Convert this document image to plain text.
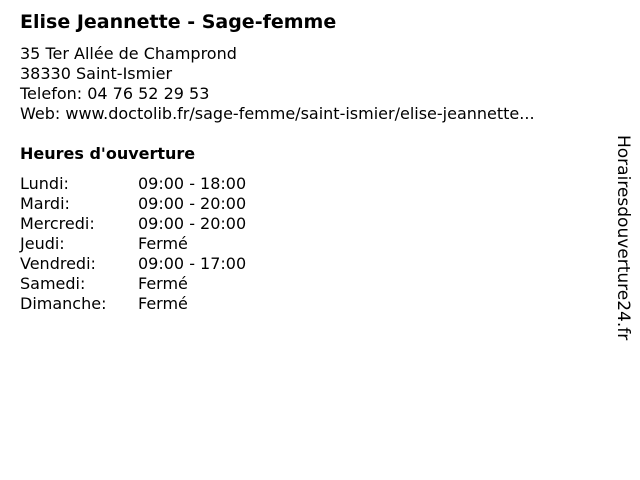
Elise Jeannette - Sage-femme
35 Ter Allée de Champrond
38330 Saint-Ismier
Telefon: 04 76 52 29 53
Web: www.doctolib.fr/sage-femme/saint-ismier/elise-jeannette...
Heures d'ouverture
Lundi:	09:00 - 18:00
Mardi:	09:00 - 20:00
Mercredi:	09:00 - 20:00
Jeudi:	Fermé
Vendredi:	09:00 - 17:00
Samedi:	Fermé
Dimanche:	Fermé	Horairesdouverture24.fr
